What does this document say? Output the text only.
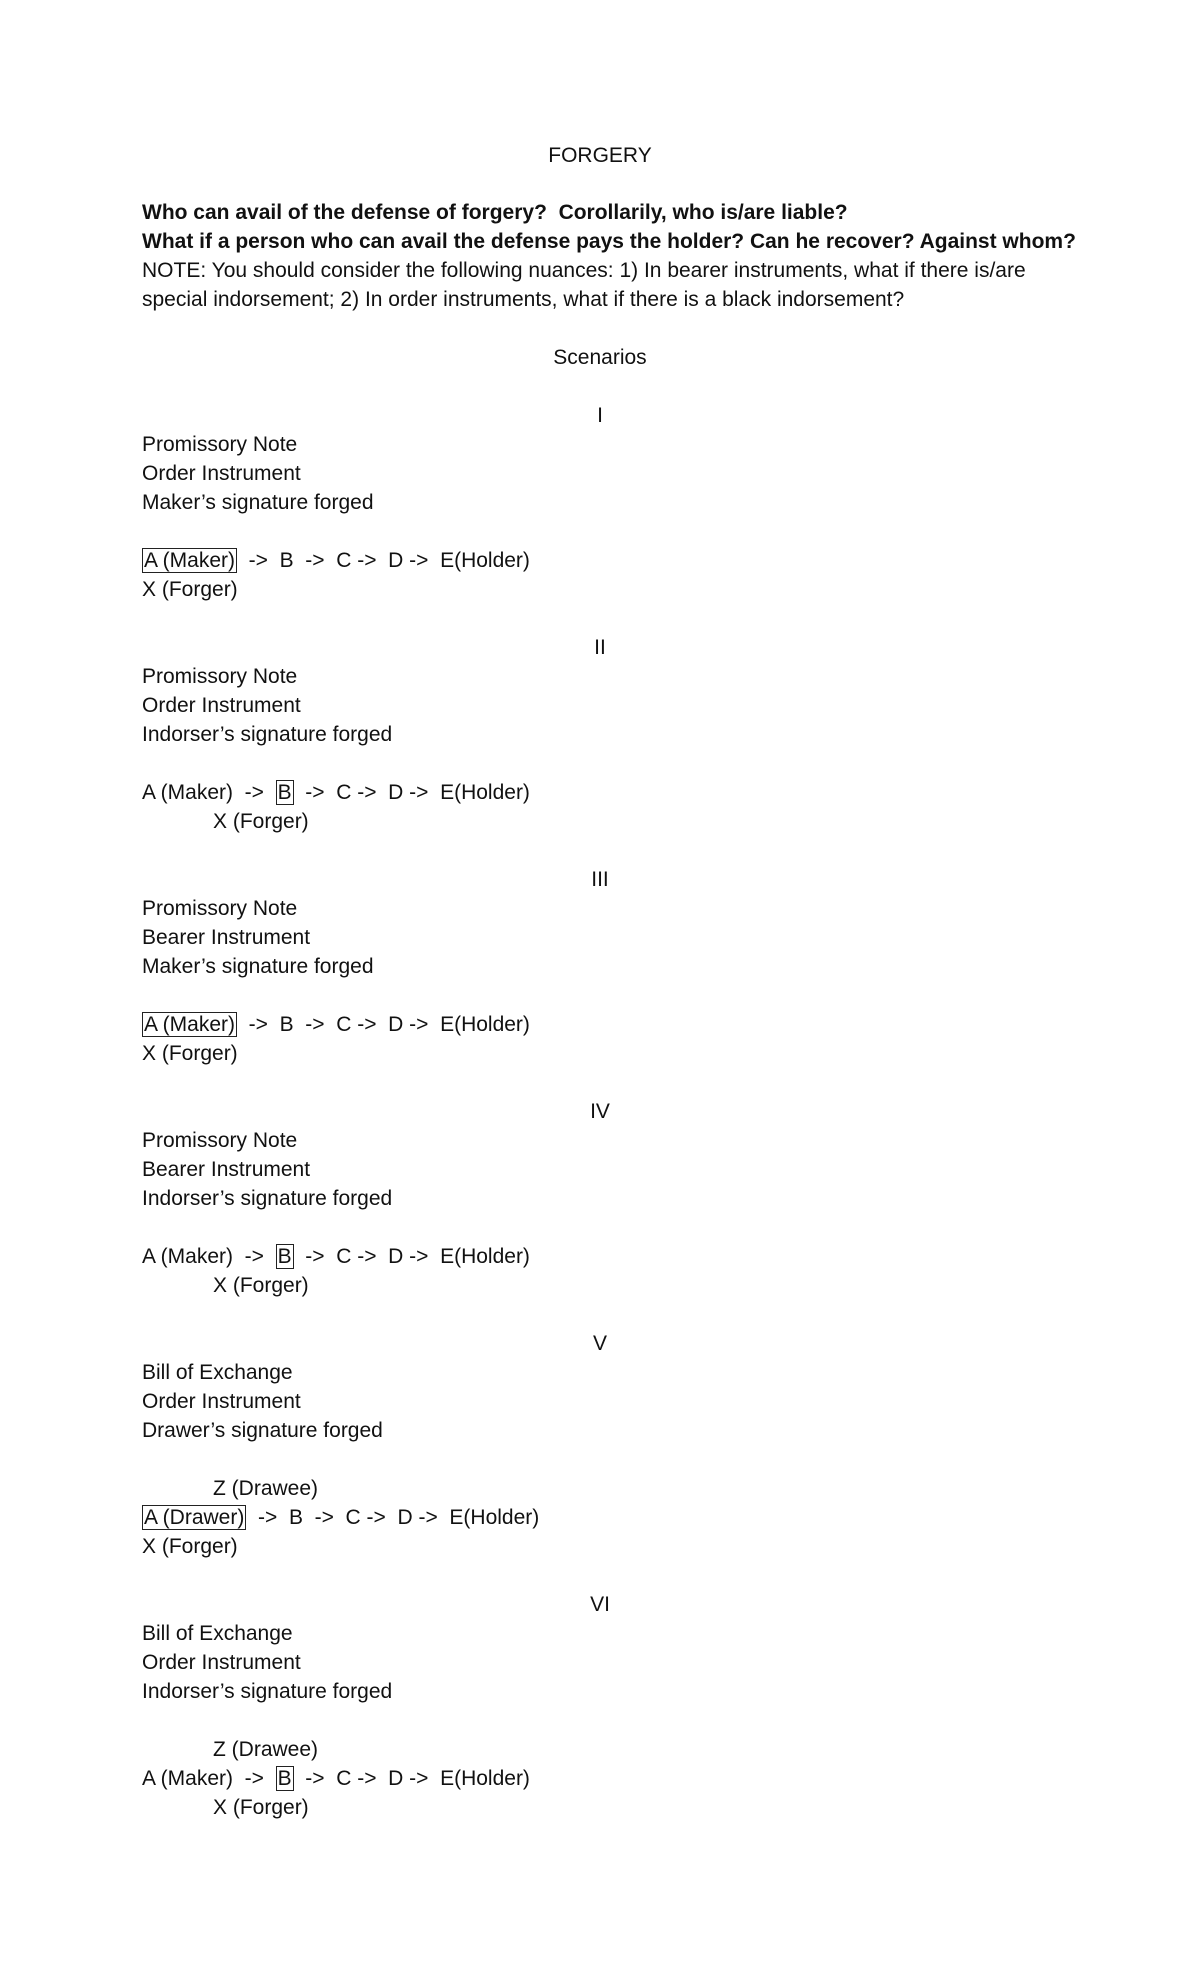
FORGERY
Who can avail of the defense of forgery?  Corollarily, who is/are liable?
What if a person who can avail the defense pays the holder? Can he recover? Against whom?
NOTE: You should consider the following nuances: 1) In bearer instruments, what if there is/are
special indorsement; 2) In order instruments, what if there is a black indorsement?
Scenarios
I
Promissory Note
Order Instrument
Maker’s signature forged
A (Maker)  ->  B  ->  C ->  D ->  E(Holder)
X (Forger)
II
Promissory Note
Order Instrument
Indorser’s signature forged
A (Maker)  ->  B  ->  C ->  D ->  E(Holder)
X (Forger)
III
Promissory Note
Bearer Instrument
Maker’s signature forged
A (Maker)  ->  B  ->  C ->  D ->  E(Holder)
X (Forger)
IV
Promissory Note
Bearer Instrument
Indorser’s signature forged
A (Maker)  ->  B  ->  C ->  D ->  E(Holder)
X (Forger)
V
Bill of Exchange
Order Instrument
Drawer’s signature forged
Z (Drawee)
A (Drawer)  ->  B  ->  C ->  D ->  E(Holder)
X (Forger)
VI
Bill of Exchange
Order Instrument
Indorser’s signature forged
Z (Drawee)
A (Maker)  ->  B  ->  C ->  D ->  E(Holder)
X (Forger)
